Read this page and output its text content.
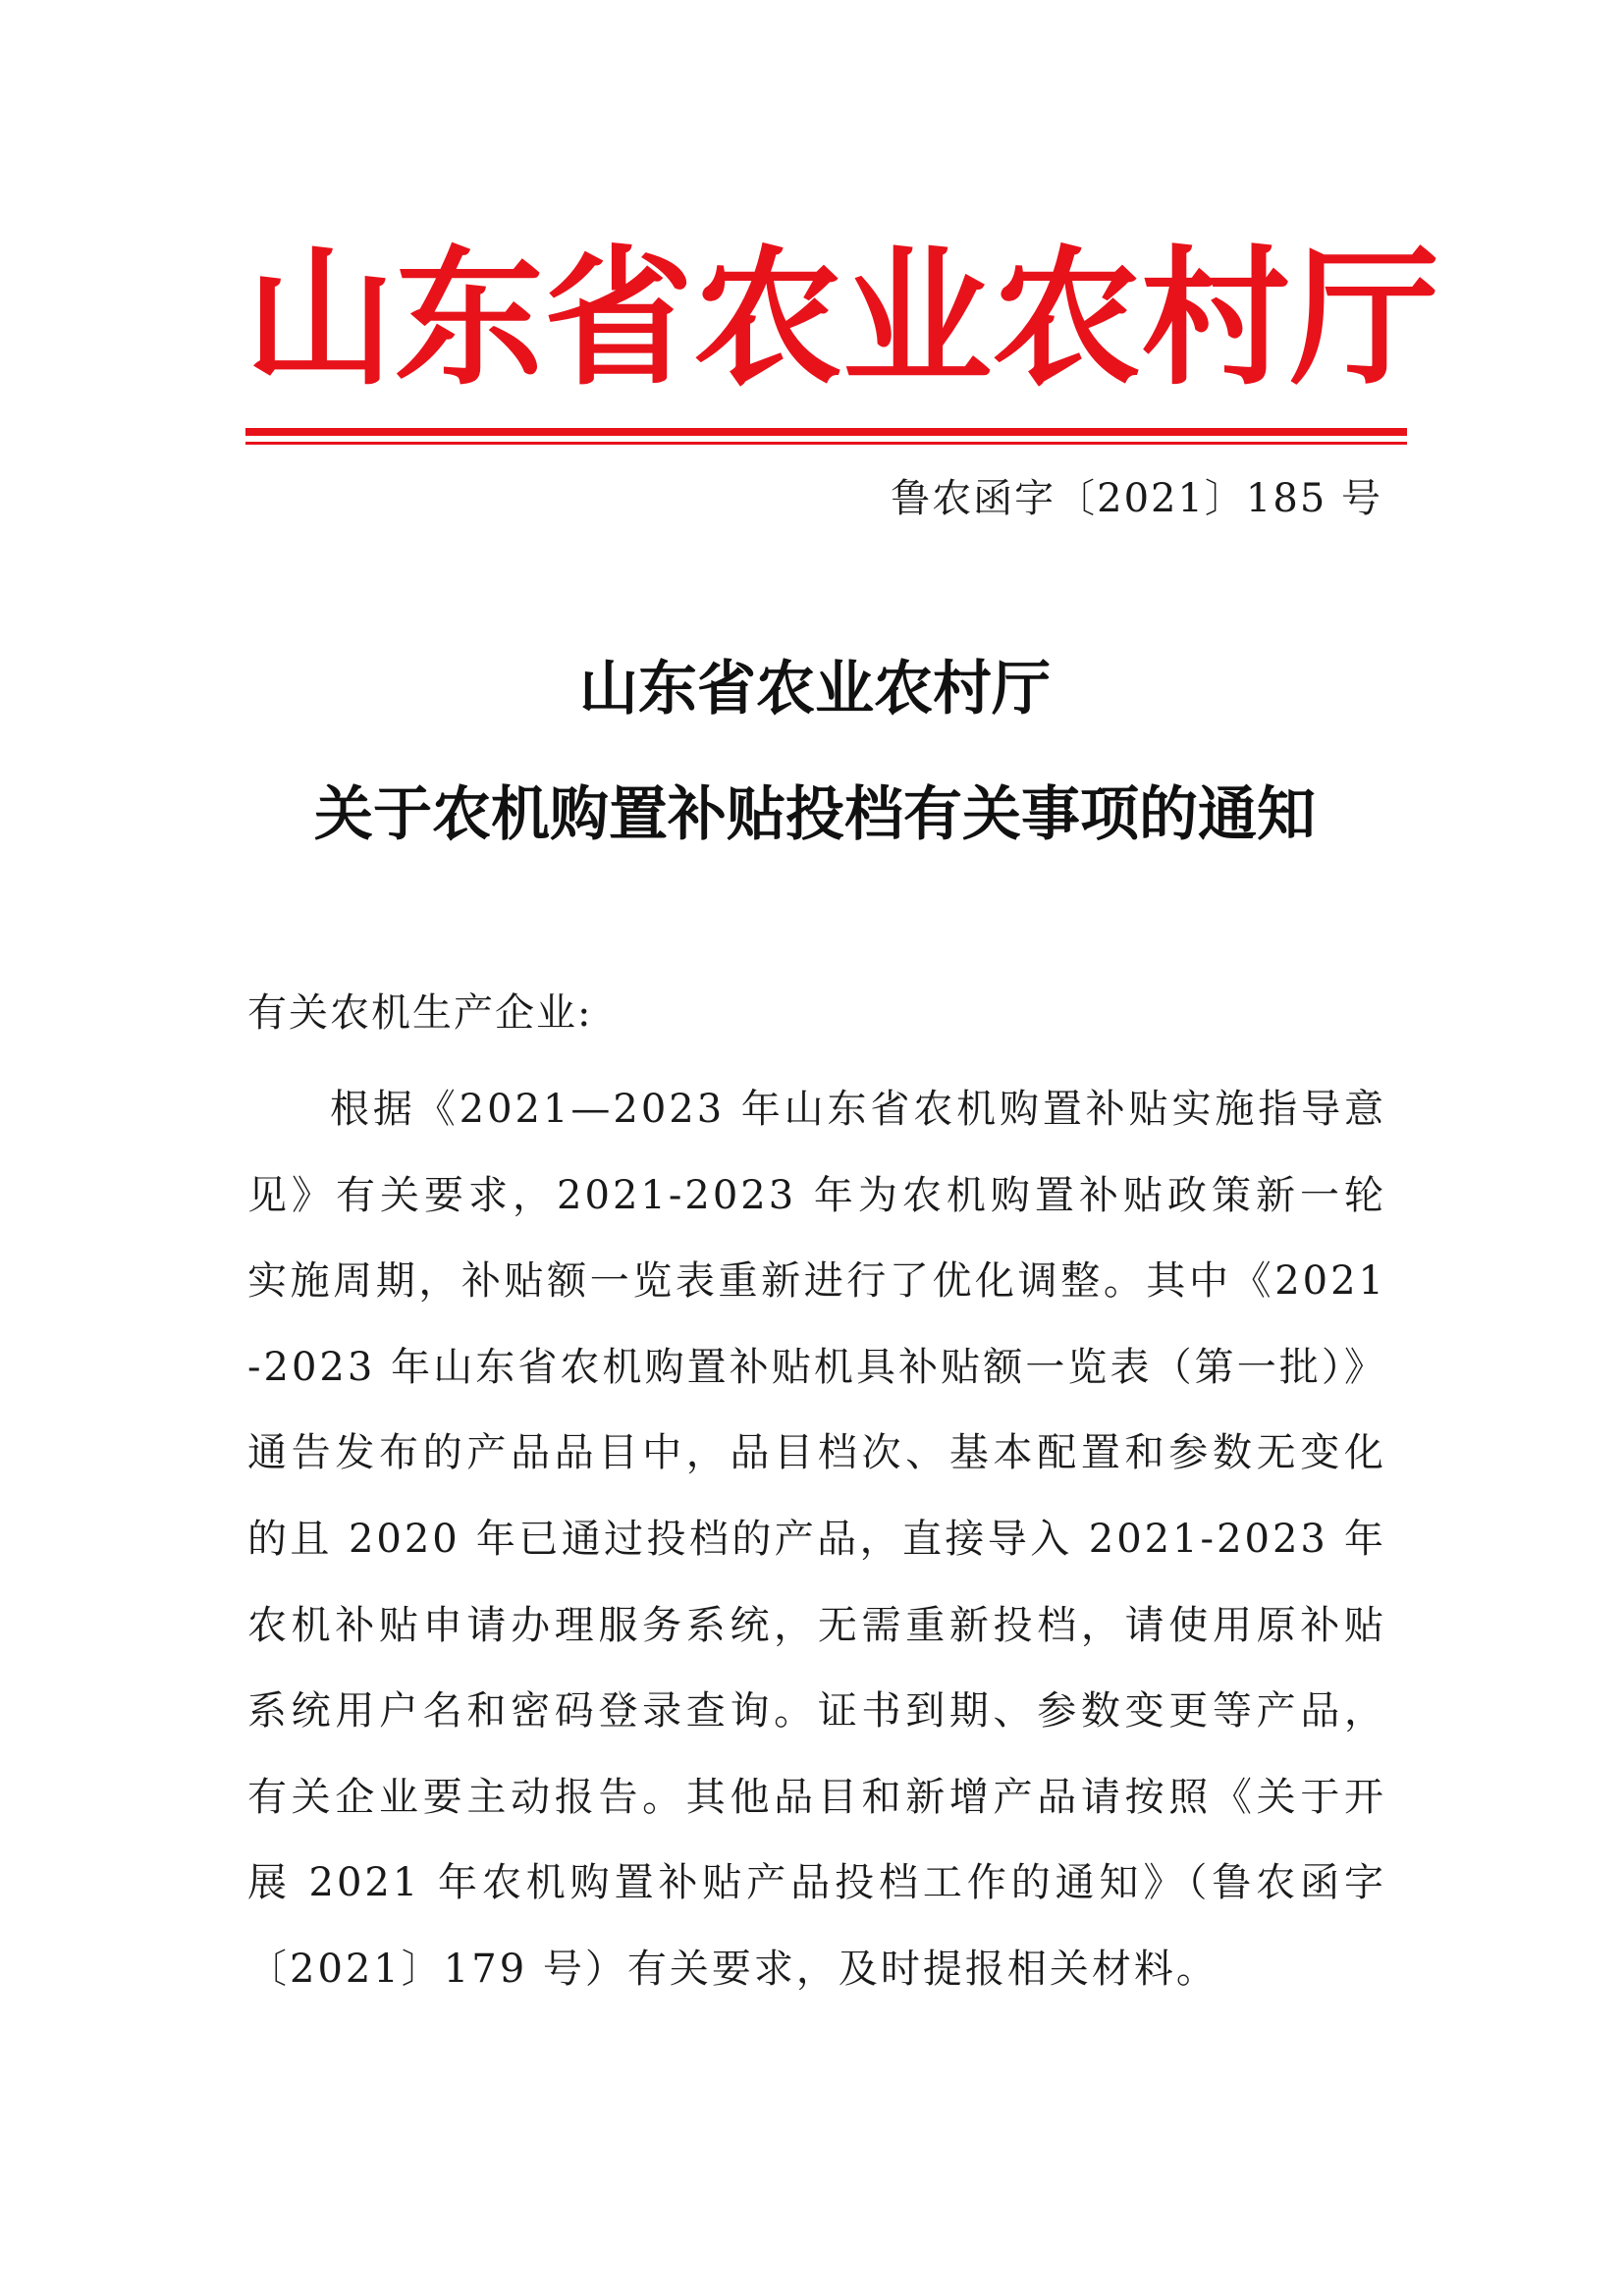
山东省农业农村厅
鲁农函字〔2021〕185 号
山东省农业农村厅
关于农机购置补贴投档有关事项的通知
有关农机生产企业:

根据《2021—2023 年山东省农机购置补贴实施指导意见》有关要求，2021-2023 年为农机购置补贴政策新一轮实施周期，补贴额一览表重新进行了优化调整。其中《2021-2023 年山东省农机购置补贴机具补贴额一览表（第一批）》通告发布的产品品目中，品目档次、基本配置和参数无变化的且 2020 年已通过投档的产品，直接导入 2021-2023 年农机补贴申请办理服务系统，无需重新投档，请使用原补贴系统用户名和密码登录查询。证书到期、参数变更等产品，有关企业要主动报告。其他品目和新增产品请按照《关于开展 2021 年农机购置补贴产品投档工作的通知》（鲁农函字〔2021〕179 号）有关要求，及时提报相关材料。
